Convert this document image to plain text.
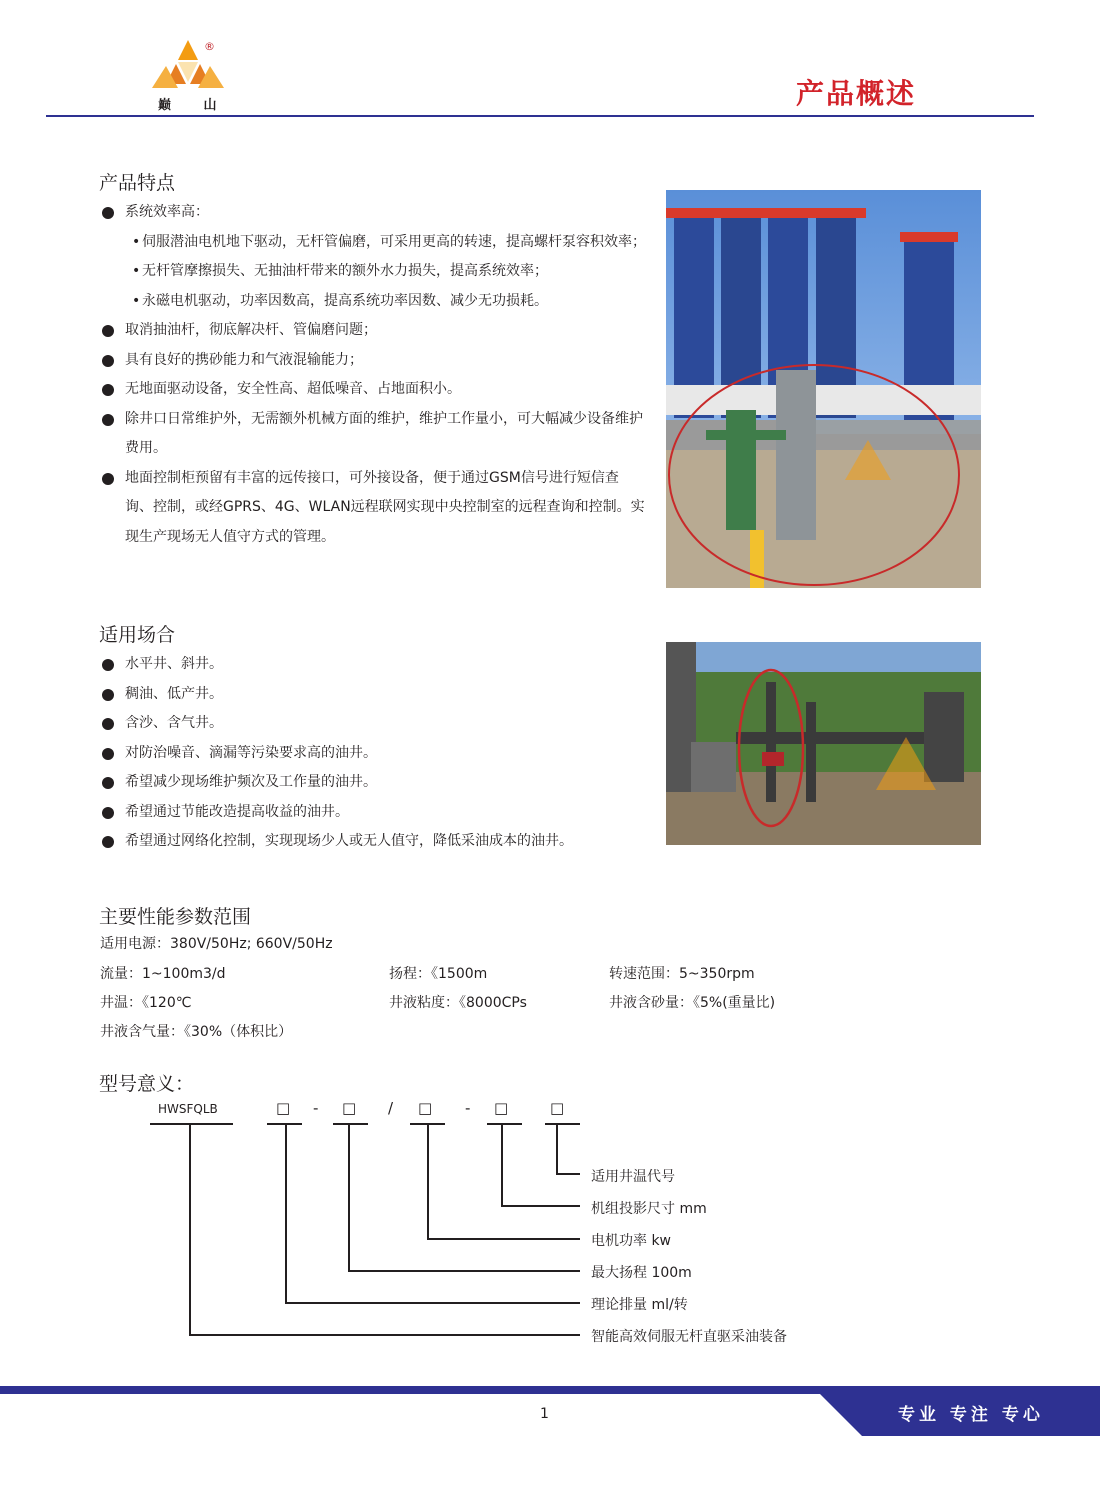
®
巅 山	产品概述
产品特点
系统效率高：
• 伺服潜油电机地下驱动，无杆管偏磨，可采用更高的转速，提高螺杆泵容积效率；
• 无杆管摩擦损失、无抽油杆带来的额外水力损失，提高系统效率；
• 永磁电机驱动，功率因数高，提高系统功率因数、减少无功损耗。
取消抽油杆，彻底解决杆、管偏磨问题；
具有良好的携砂能力和气液混输能力；
无地面驱动设备，安全性高、超低噪音、占地面积小。
除井口日常维护外，无需额外机械方面的维护，维护工作量小，可大幅减少设备维护费用。
地面控制柜预留有丰富的远传接口，可外接设备，便于通过GSM信号进行短信查询、控制，或经GPRS、4G、WLAN远程联网实现中央控制室的远程查询和控制。实现生产现场无人值守方式的管理。
适用场合
水平井、斜井。
稠油、低产井。
含沙、含气井。
对防治噪音、滴漏等污染要求高的油井。
希望减少现场维护频次及工作量的油井。
希望通过节能改造提高收益的油井。
希望通过网络化控制，实现现场少人或无人值守，降低采油成本的油井。
主要性能参数范围
适用电源：380V/50Hz; 660V/50Hz
流量：1~100m3/d	扬程：《1500m	转速范围：5~350rpm
井温：《120℃	井液粘度：《8000CPs	井液含砂量：《5%(重量比)
井液含气量：《30%（体积比）
型号意义：
HWSFQLB	□ - □ / □ - □	□
适用井温代号
机组投影尺寸 mm
电机功率 kw
最大扬程 100m
理论排量 ml/转
智能高效伺服无杆直驱采油装备
1	专业 专注 专心
